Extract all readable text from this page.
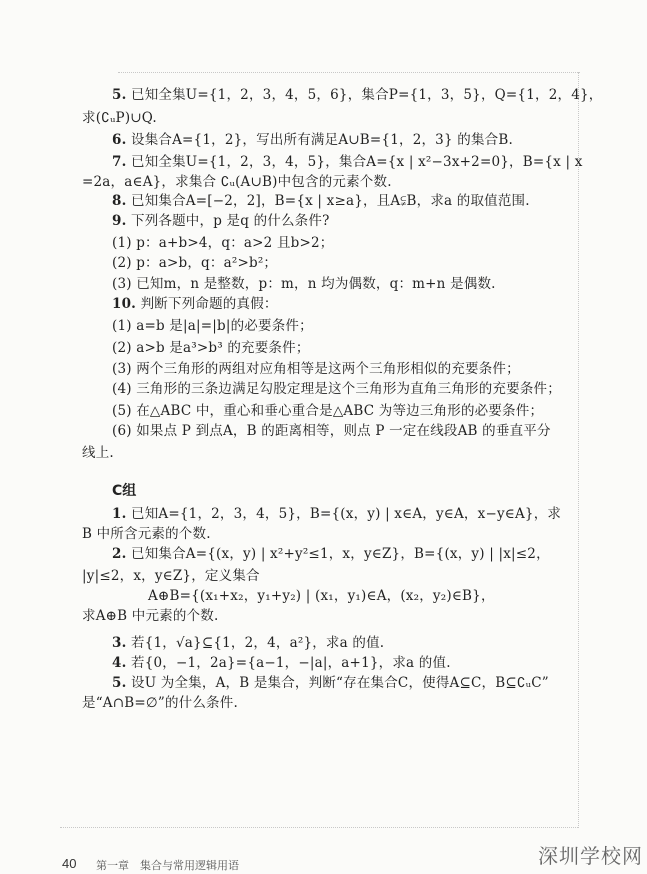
5. 已知全集U={1，2，3，4，5，6}，集合P={1，3，5}，Q={1，2，4}，
求(∁ᵤP)∪Q.
6. 设集合A={1，2}，写出所有满足A∪B={1，2，3} 的集合B.
7. 已知全集U={1，2，3，4，5}，集合A={x | x²−3x+2=0}，B={x | x
=2a，a∈A}，求集合 ∁ᵤ(A∪B)中包含的元素个数.
8. 已知集合A=[−2，2]，B={x | x≥a}，且A⫋B，求a 的取值范围.
9. 下列各题中，p 是q 的什么条件?
(1) p：a+b>4，q：a>2 且b>2；
(2) p：a>b，q：a²>b²；
(3) 已知m，n 是整数，p：m，n 均为偶数，q：m+n 是偶数.
10. 判断下列命题的真假：
(1) a=b 是|a|=|b|的必要条件；
(2) a>b 是a³>b³ 的充要条件；
(3) 两个三角形的两组对应角相等是这两个三角形相似的充要条件；
(4) 三角形的三条边满足勾股定理是这个三角形为直角三角形的充要条件；
(5) 在△ABC 中，重心和垂心重合是△ABC 为等边三角形的必要条件；
(6) 如果点 P 到点A，B 的距离相等，则点 P 一定在线段AB 的垂直平分
线上.
C组
1. 已知A={1，2，3，4，5}，B={(x，y) | x∈A，y∈A，x−y∈A}，求
B 中所含元素的个数.
2. 已知集合A={(x，y) | x²+y²≤1，x，y∈Z}，B={(x，y) | |x|≤2，
|y|≤2，x，y∈Z}，定义集合
A⊕B={(x₁+x₂，y₁+y₂) | (x₁，y₁)∈A，(x₂，y₂)∈B}，
求A⊕B 中元素的个数.
3. 若{1，√a}⊆{1，2，4，a²}，求a 的值.
4. 若{0，−1，2a}={a−1，−|a|，a+1}，求a 的值.
5. 设U 为全集，A，B 是集合，判断“存在集合C，使得A⊆C，B⊆∁ᵤC”
是“A∩B=∅”的什么条件.
40 第一章　集合与常用逻辑用语	深圳学校网
